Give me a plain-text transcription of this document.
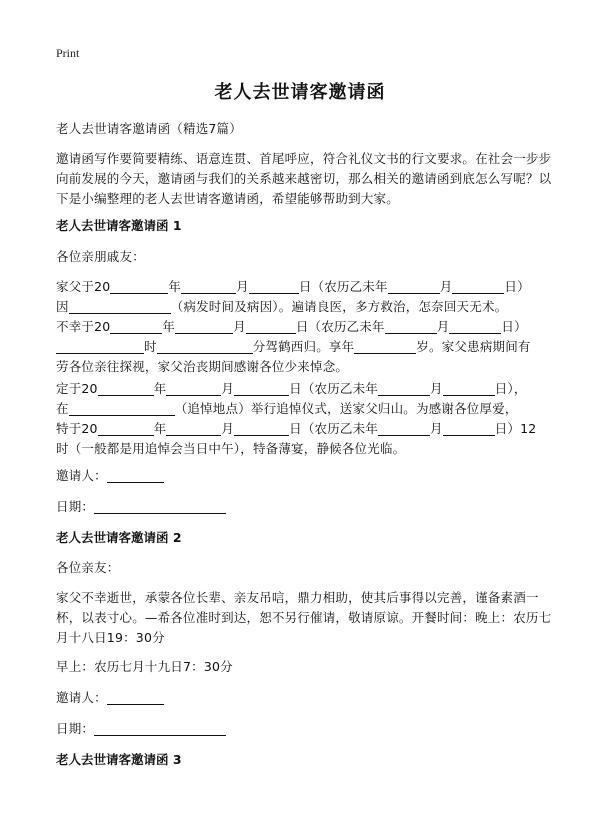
Print
老人去世请客邀请函

老人去世请客邀请函（精选7篇）

邀请函写作要简要精练、语意连贯、首尾呼应，符合礼仪文书的行文要求。在社会一步步向前发展的今天，邀请函与我们的关系越来越密切，那么相关的邀请函到底怎么写呢？以下是小编整理的老人去世请客邀请函，希望能够帮助到大家。

老人去世请客邀请函 1

各位亲朋戚友：

家父于20	年	月	日（农历乙未年	月	日）
因	（病发时间及病因）。遍请良医，多方救治，怎奈回天无术。
不幸于20	年	月	日（农历乙未年	月	日）
时	分驾鹤西归。享年	岁。家父患病期间有
劳各位亲往探视，家父治丧期间感谢各位少来悼念。
定于20	年	月	日（农历乙未年	月	日），
在	（追悼地点）举行追悼仪式，送家父归山。为感谢各位厚爱，
特于20	年	月	日（农历乙未年	月	日）12
时（一般都是用追悼会当日中午），特备薄宴，静候各位光临。
邀请人：
日期：

老人去世请客邀请函 2

各位亲友：

家父不幸逝世，承蒙各位长辈、亲友吊唁，鼎力相助，使其后事得以完善，谨备素酒一杯，以表寸心。—希各位准时到达，恕不另行催请，敬请原谅。开餐时间：晚上：农历七月十八日19：30分

早上：农历七月十九日7：30分

邀请人：
日期：

老人去世请客邀请函 3
